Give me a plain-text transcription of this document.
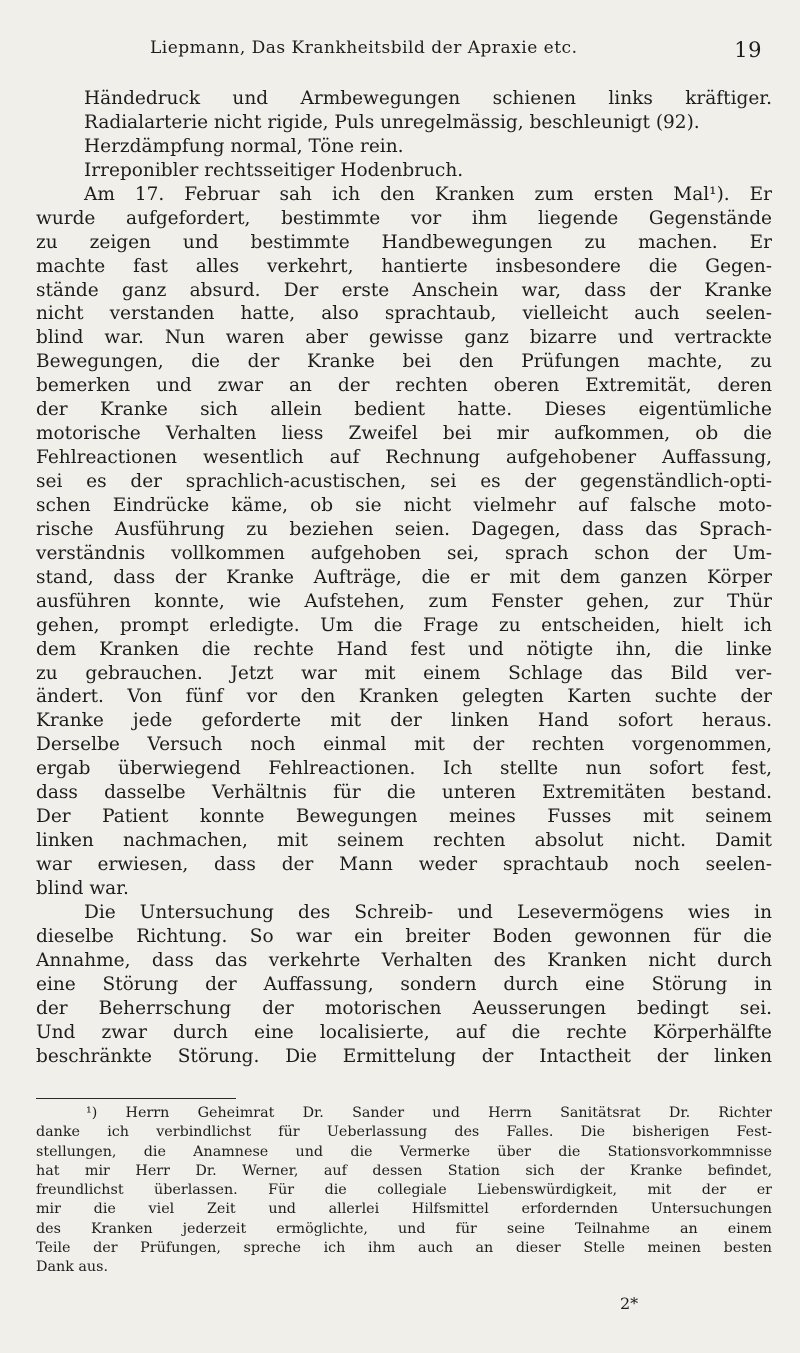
Liepmann, Das Krankheitsbild der Apraxie etc.	19
Händedruck und Armbewegungen schienen links kräftiger.
Radialarterie nicht rigide, Puls unregelmässig, beschleunigt (92).
Herzdämpfung normal, Töne rein.
Irreponibler rechtsseitiger Hodenbruch.
Am 17. Februar sah ich den Kranken zum ersten Mal¹). Er
wurde aufgefordert, bestimmte vor ihm liegende Gegenstände
zu zeigen und bestimmte Handbewegungen zu machen. Er
machte fast alles verkehrt, hantierte insbesondere die Gegen-
stände ganz absurd. Der erste Anschein war, dass der Kranke
nicht verstanden hatte, also sprachtaub, vielleicht auch seelen-
blind war. Nun waren aber gewisse ganz bizarre und vertrackte
Bewegungen, die der Kranke bei den Prüfungen machte, zu
bemerken und zwar an der rechten oberen Extremität, deren
der Kranke sich allein bedient hatte. Dieses eigentümliche
motorische Verhalten liess Zweifel bei mir aufkommen, ob die
Fehlreactionen wesentlich auf Rechnung aufgehobener Auffassung,
sei es der sprachlich-acustischen, sei es der gegenständlich-opti-
schen Eindrücke käme, ob sie nicht vielmehr auf falsche moto-
rische Ausführung zu beziehen seien. Dagegen, dass das Sprach-
verständnis vollkommen aufgehoben sei, sprach schon der Um-
stand, dass der Kranke Aufträge, die er mit dem ganzen Körper
ausführen konnte, wie Aufstehen, zum Fenster gehen, zur Thür
gehen, prompt erledigte. Um die Frage zu entscheiden, hielt ich
dem Kranken die rechte Hand fest und nötigte ihn, die linke
zu gebrauchen. Jetzt war mit einem Schlage das Bild ver-
ändert. Von fünf vor den Kranken gelegten Karten suchte der
Kranke jede geforderte mit der linken Hand sofort heraus.
Derselbe Versuch noch einmal mit der rechten vorgenommen,
ergab überwiegend Fehlreactionen. Ich stellte nun sofort fest,
dass dasselbe Verhältnis für die unteren Extremitäten bestand.
Der Patient konnte Bewegungen meines Fusses mit seinem
linken nachmachen, mit seinem rechten absolut nicht. Damit
war erwiesen, dass der Mann weder sprachtaub noch seelen-
blind war.
Die Untersuchung des Schreib- und Lesevermögens wies in
dieselbe Richtung. So war ein breiter Boden gewonnen für die
Annahme, dass das verkehrte Verhalten des Kranken nicht durch
eine Störung der Auffassung, sondern durch eine Störung in
der Beherrschung der motorischen Aeusserungen bedingt sei.
Und zwar durch eine localisierte, auf die rechte Körperhälfte
beschränkte Störung. Die Ermittelung der Intactheit der linken
¹) Herrn Geheimrat Dr. Sander und Herrn Sanitätsrat Dr. Richter
danke ich verbindlichst für Ueberlassung des Falles. Die bisherigen Fest-
stellungen, die Anamnese und die Vermerke über die Stationsvorkommnisse
hat mir Herr Dr. Werner, auf dessen Station sich der Kranke befindet,
freundlichst überlassen. Für die collegiale Liebenswürdigkeit, mit der er
mir die viel Zeit und allerlei Hilfsmittel erfordernden Untersuchungen
des Kranken jederzeit ermöglichte, und für seine Teilnahme an einem
Teile der Prüfungen, spreche ich ihm auch an dieser Stelle meinen besten
Dank aus.
2*
